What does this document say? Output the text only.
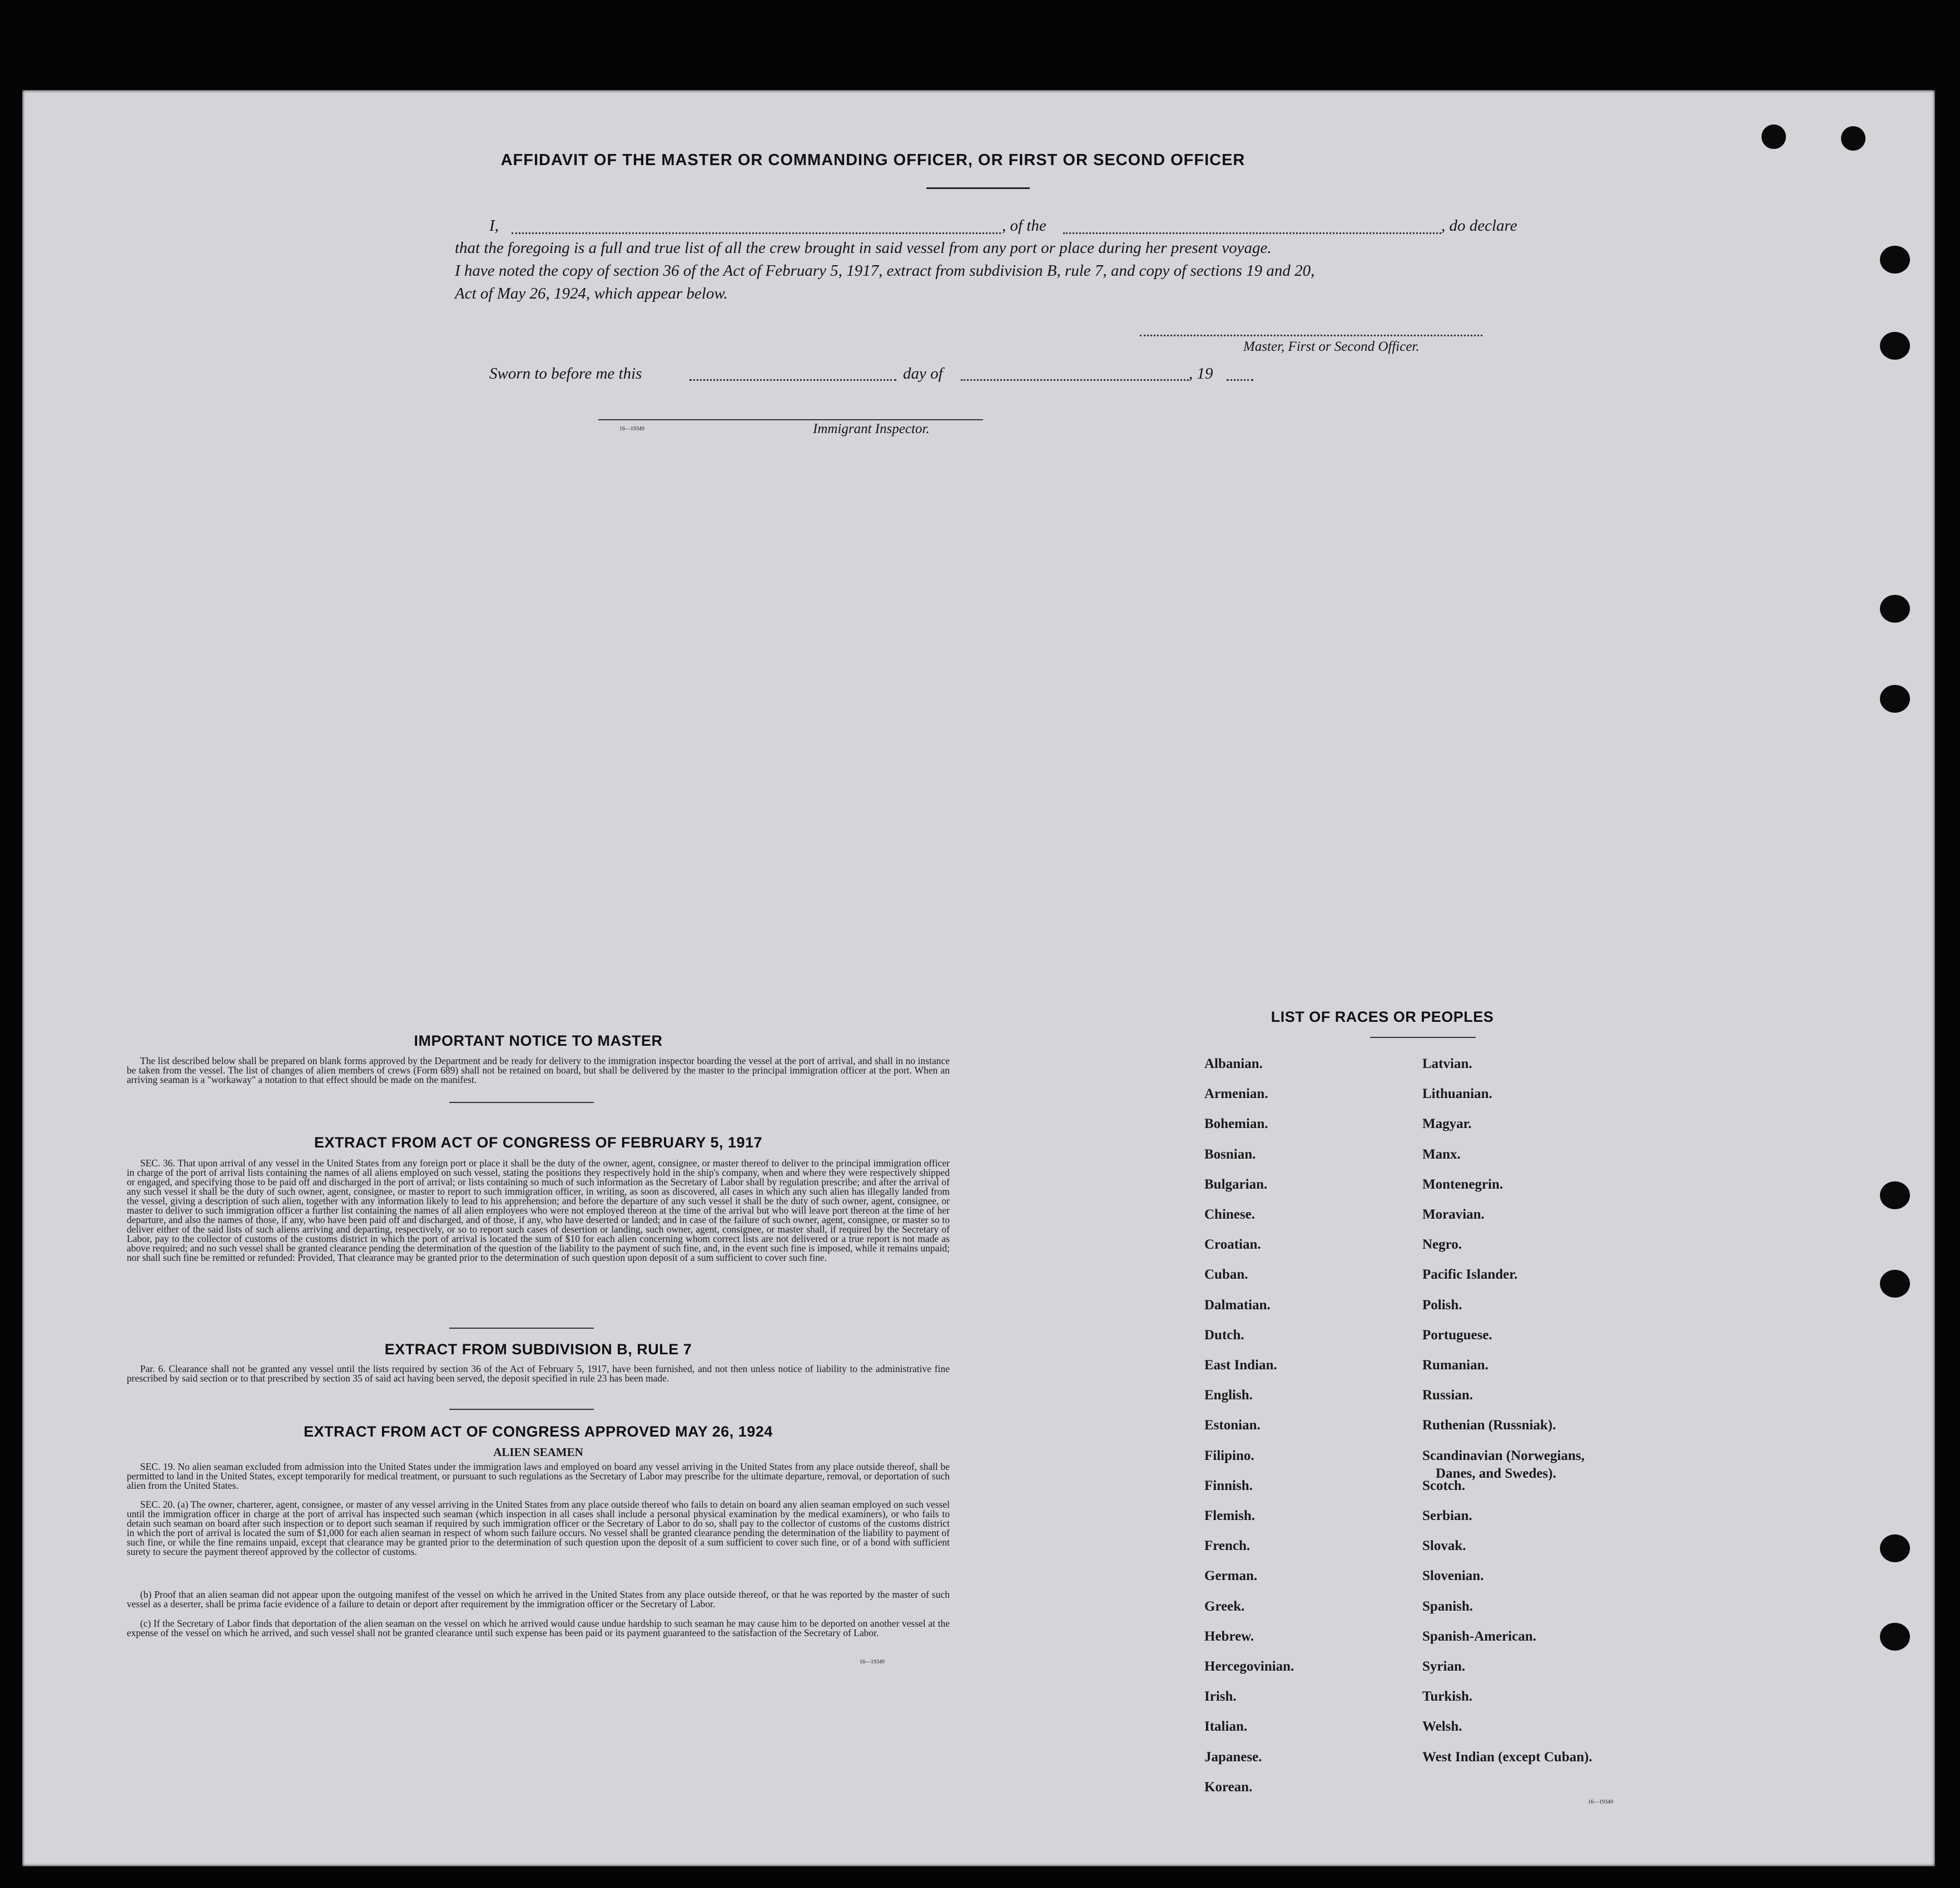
AFFIDAVIT OF THE MASTER OR COMMANDING OFFICER, OR FIRST OR SECOND OFFICER
I,	, of the	, do declare
that the foregoing is a full and true list of all the crew brought in said vessel from any port or place during her present voyage.
I have noted the copy of section 36 of the Act of February 5, 1917, extract from subdivision B, rule 7, and copy of sections 19 and 20,
Act of May 26, 1924, which appear below.
Master, First or Second Officer.
Sworn to before me this	day of	, 19
16—19349	Immigrant Inspector.
IMPORTANT NOTICE TO MASTER
The list described below shall be prepared on blank forms approved by the Department and be ready for delivery to the immigration inspector boarding the vessel at the port of arrival, and shall in no instance be taken from the vessel. The list of changes of alien members of crews (Form 689) shall not be retained on board, but shall be delivered by the master to the principal immigration officer at the port. When an arriving seaman is a "workaway" a notation to that effect should be made on the manifest.
EXTRACT FROM ACT OF CONGRESS OF FEBRUARY 5, 1917
SEC. 36. That upon arrival of any vessel in the United States from any foreign port or place it shall be the duty of the owner, agent, consignee, or master thereof to deliver to the principal immigration officer in charge of the port of arrival lists containing the names of all aliens employed on such vessel, stating the positions they respectively hold in the ship's company, when and where they were respectively shipped or engaged, and specifying those to be paid off and discharged in the port of arrival; or lists containing so much of such information as the Secretary of Labor shall by regulation prescribe; and after the arrival of any such vessel it shall be the duty of such owner, agent, consignee, or master to report to such immigration officer, in writing, as soon as discovered, all cases in which any such alien has illegally landed from the vessel, giving a description of such alien, together with any information likely to lead to his apprehension; and before the departure of any such vessel it shall be the duty of such owner, agent, consignee, or master to deliver to such immigration officer a further list containing the names of all alien employees who were not employed thereon at the time of the arrival but who will leave port thereon at the time of her departure, and also the names of those, if any, who have been paid off and discharged, and of those, if any, who have deserted or landed; and in case of the failure of such owner, agent, consignee, or master so to deliver either of the said lists of such aliens arriving and departing, respectively, or so to report such cases of desertion or landing, such owner, agent, consignee, or master shall, if required by the Secretary of Labor, pay to the collector of customs of the customs district in which the port of arrival is located the sum of $10 for each alien concerning whom correct lists are not delivered or a true report is not made as above required; and no such vessel shall be granted clearance pending the determination of the question of the liability to the payment of such fine, and, in the event such fine is imposed, while it remains unpaid; nor shall such fine be remitted or refunded: Provided, That clearance may be granted prior to the determination of such question upon deposit of a sum sufficient to cover such fine.
EXTRACT FROM SUBDIVISION B, RULE 7
Par. 6. Clearance shall not be granted any vessel until the lists required by section 36 of the Act of February 5, 1917, have been furnished, and not then unless notice of liability to the administrative fine prescribed by said section or to that prescribed by section 35 of said act having been served, the deposit specified in rule 23 has been made.
EXTRACT FROM ACT OF CONGRESS APPROVED MAY 26, 1924
ALIEN SEAMEN
SEC. 19. No alien seaman excluded from admission into the United States under the immigration laws and employed on board any vessel arriving in the United States from any place outside thereof, shall be permitted to land in the United States, except temporarily for medical treatment, or pursuant to such regulations as the Secretary of Labor may prescribe for the ultimate departure, removal, or deportation of such alien from the United States.
SEC. 20. (a) The owner, charterer, agent, consignee, or master of any vessel arriving in the United States from any place outside thereof who fails to detain on board any alien seaman employed on such vessel until the immigration officer in charge at the port of arrival has inspected such seaman (which inspection in all cases shall include a personal physical examination by the medical examiners), or who fails to detain such seaman on board after such inspection or to deport such seaman if required by such immigration officer or the Secretary of Labor to do so, shall pay to the collector of customs of the customs district in which the port of arrival is located the sum of $1,000 for each alien seaman in respect of whom such failure occurs. No vessel shall be granted clearance pending the determination of the liability to payment of such fine, or while the fine remains unpaid, except that clearance may be granted prior to the determination of such question upon the deposit of a sum sufficient to cover such fine, or of a bond with sufficient surety to secure the payment thereof approved by the collector of customs.
(b) Proof that an alien seaman did not appear upon the outgoing manifest of the vessel on which he arrived in the United States from any place outside thereof, or that he was reported by the master of such vessel as a deserter, shall be prima facie evidence of a failure to detain or deport after requirement by the immigration officer or the Secretary of Labor.
(c) If the Secretary of Labor finds that deportation of the alien seaman on the vessel on which he arrived would cause undue hardship to such seaman he may cause him to be deported on another vessel at the expense of the vessel on which he arrived, and such vessel shall not be granted clearance until such expense has been paid or its payment guaranteed to the satisfaction of the Secretary of Labor.
16—19349
LIST OF RACES OR PEOPLES
16—19349
Albanian.
Armenian.
Bohemian.
Bosnian.
Bulgarian.
Chinese.
Croatian.
Cuban.
Dalmatian.
Dutch.
East Indian.
English.
Estonian.
Filipino.
Finnish.
Flemish.
French.
German.
Greek.
Hebrew.
Hercegovinian.
Irish.
Italian.
Japanese.
Korean.
Latvian.
Lithuanian.
Magyar.
Manx.
Montenegrin.
Moravian.
Negro.
Pacific Islander.
Polish.
Portuguese.
Rumanian.
Russian.
Ruthenian (Russniak).
Scandinavian (Norwegians,
Danes, and Swedes).
Scotch.
Serbian.
Slovak.
Slovenian.
Spanish.
Spanish-American.
Syrian.
Turkish.
Welsh.
West Indian (except Cuban).
